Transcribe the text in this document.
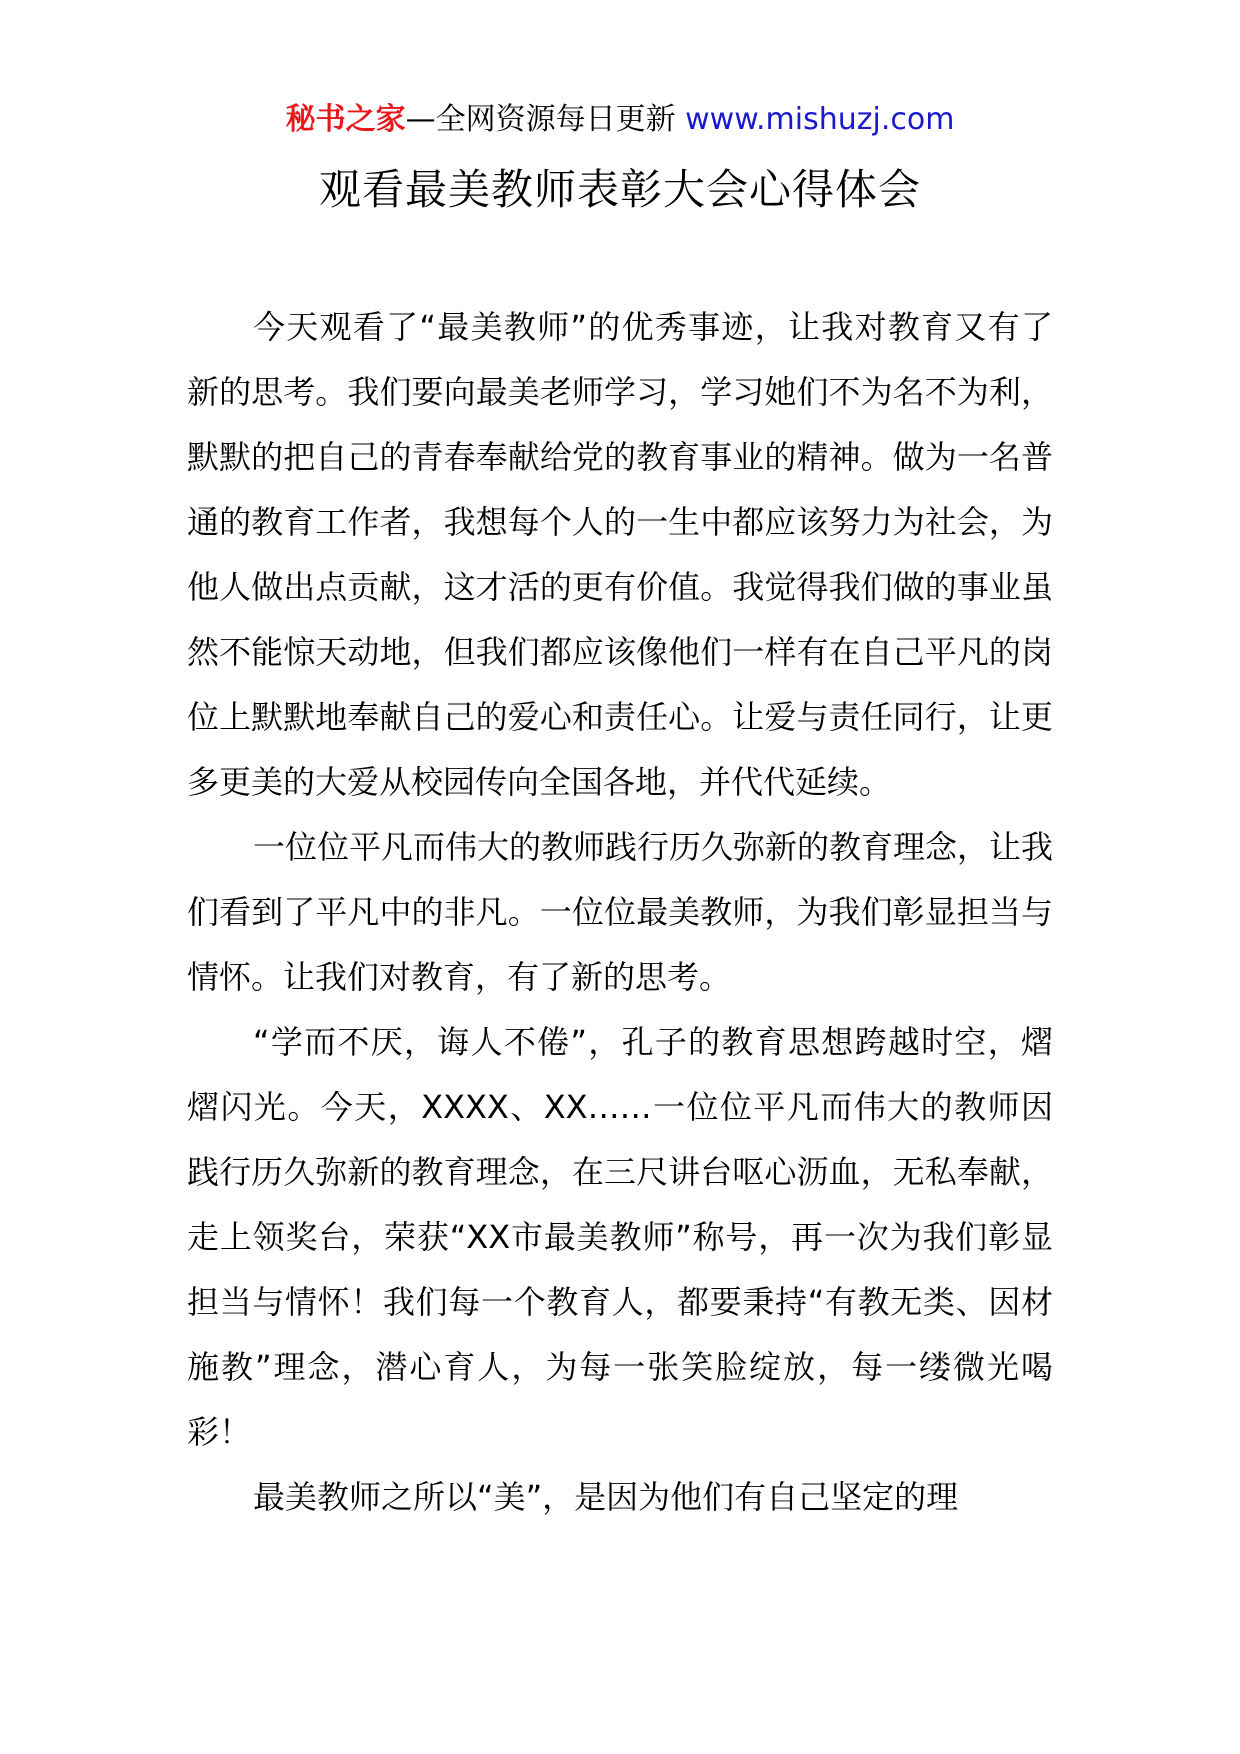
秘书之家—全网资源每日更新 www.mishuzj.com
观看最美教师表彰大会心得体会

今天观看了“最美教师”的优秀事迹，让我对教育又有了新的思考。我们要向最美老师学习，学习她们不为名不为利，默默的把自己的青春奉献给党的教育事业的精神。做为一名普通的教育工作者，我想每个人的一生中都应该努力为社会，为他人做出点贡献，这才活的更有价值。我觉得我们做的事业虽然不能惊天动地，但我们都应该像他们一样有在自己平凡的岗位上默默地奉献自己的爱心和责任心。让爱与责任同行，让更多更美的大爱从校园传向全国各地，并代代延续。

一位位平凡而伟大的教师践行历久弥新的教育理念，让我们看到了平凡中的非凡。一位位最美教师，为我们彰显担当与情怀。让我们对教育，有了新的思考。

“学而不厌，诲人不倦”，孔子的教育思想跨越时空，熠熠闪光。今天，XXXX、XX……一位位平凡而伟大的教师因践行历久弥新的教育理念，在三尺讲台呕心沥血，无私奉献，走上领奖台，荣获“XX市最美教师”称号，再一次为我们彰显担当与情怀！我们每一个教育人，都要秉持“有教无类、因材施教”理念，潜心育人，为每一张笑脸绽放，每一缕微光喝彩！

最美教师之所以“美”，是因为他们有自己坚定的理
